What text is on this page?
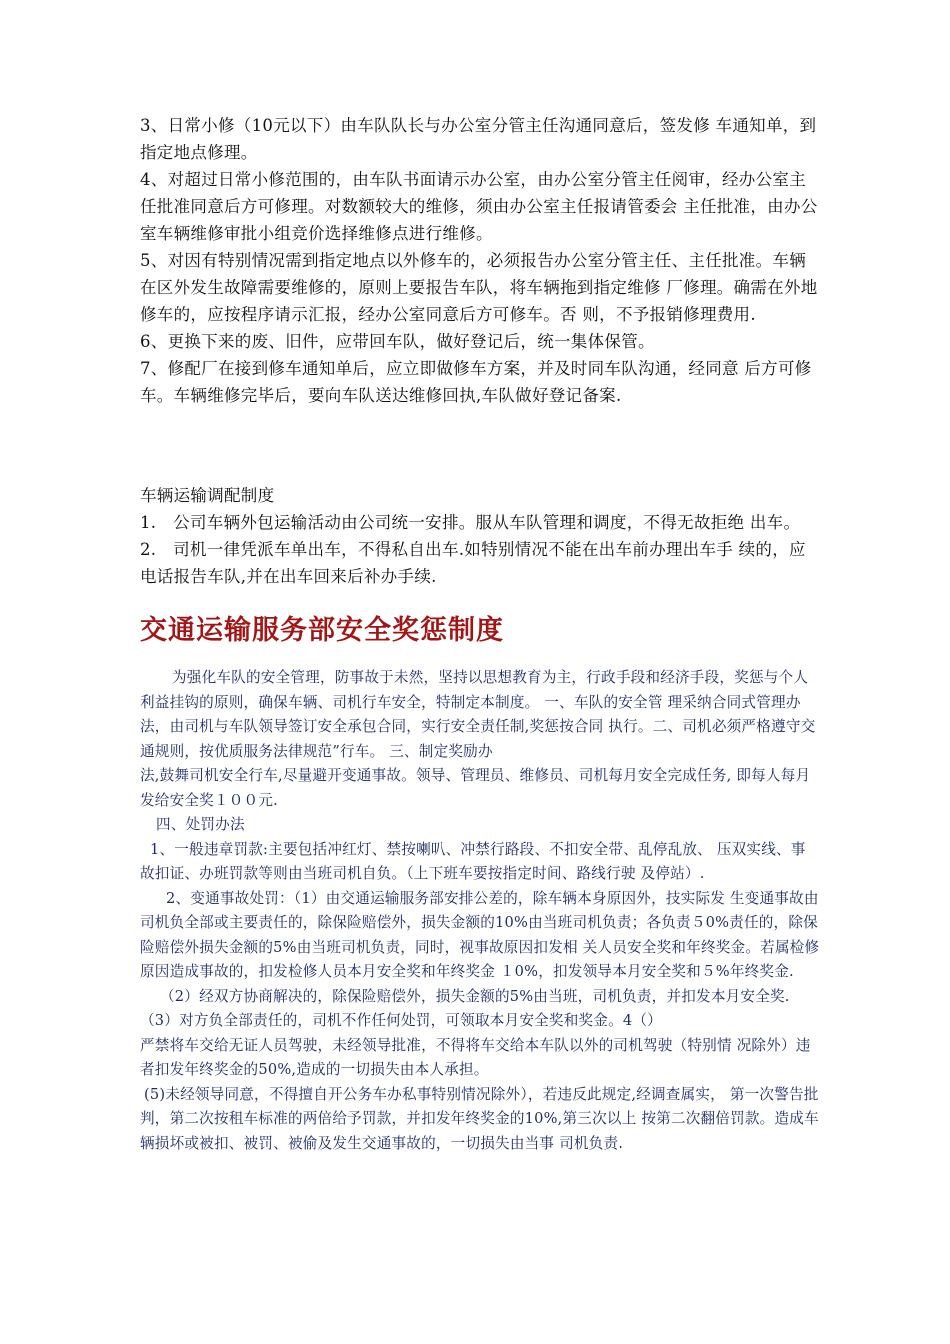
3、日常小修（10元以下）由车队队长与办公室分管主任沟通同意后，签发修 车通知单，到指定地点修理。

4、对超过日常小修范围的，由车队书面请示办公室，由办公室分管主任阅审，经办公室主任批准同意后方可修理。对数额较大的维修，须由办公室主任报请管委会 主任批准，由办公室车辆维修审批小组竞价选择维修点进行维修。

5、对因有特别情况需到指定地点以外修车的，必须报告办公室分管主任、主任批准。车辆在区外发生故障需要维修的，原则上要报告车队，将车辆拖到指定维修 厂修理。确需在外地修车的，应按程序请示汇报，经办公室同意后方可修车。否 则，不予报销修理费用.

6、更换下来的废、旧件，应带回车队，做好登记后，统一集体保管。

7、修配厂在接到修车通知单后，应立即做修车方案，并及时同车队沟通，经同意 后方可修车。车辆维修完毕后，要向车队送达维修回执,车队做好登记备案.

车辆运输调配制度

1.　公司车辆外包运输活动由公司统一安排。服从车队管理和调度，不得无故拒绝 出车。

2.　司机一律凭派车单出车，不得私自出车.如特别情况不能在出车前办理出车手 续的，应电话报告车队,并在出车回来后补办手续.

交通运输服务部安全奖惩制度

为强化车队的安全管理，防事故于未然，坚持以思想教育为主，行政手段和经济手段，奖惩与个人利益挂钩的原则，确保车辆、司机行车安全，特制定本制度。 一、车队的安全管 理采纳合同式管理办法，由司机与车队领导签订安全承包合同，实行安全责任制,奖惩按合同 执行。二、司机必须严格遵守交通规则，按优质服务法律规范”行车。 三、制定奖励办

法,鼓舞司机安全行车,尽量避开变通事故。领导、管理员、维修员、司机每月安全完成任务, 即每人每月发给安全奖１００元.

四、处罚办法

1、一般违章罚款:主要包括冲红灯、禁按喇叭、冲禁行路段、不扣安全带、乱停乱放、 压双实线、事故扣证、办班罚款等则由当班司机自负。（上下班车要按指定时间、路线行驶 及停站）.

2、变通事故处罚：（1）由交通运输服务部安排公差的，除车辆本身原因外，技实际发 生变通事故由司机负全部或主要责任的，除保险赔偿外，损失金额的10%由当班司机负责；各负责５0%责任的，除保险赔偿外损失金额的5%由当班司机负责，同时，视事故原因扣发相 关人员安全奖和年终奖金。若属检修原因造成事故的，扣发检修人员本月安全奖和年终奖金 １0%，扣发领导本月安全奖和５%年终奖金.

（2）经双方协商解决的，除保险赔偿外，损失金额的5%由当班，司机负责，并扣发本月安全奖.（3）对方负全部责任的，司机不作任何处罚，可领取本月安全奖和奖金。4（）

严禁将车交给无证人员驾驶，未经领导批准，不得将车交给本车队以外的司机驾驶（特别情 况除外）违者扣发年终奖金的50%,造成的一切损失由本人承担。

(5)未经领导同意，不得擅自开公务车办私事特别情况除外），若违反此规定,经调查属实， 第一次警告批判，第二次按租车标准的两倍给予罚款，并扣发年终奖金的10%,第三次以上 按第二次翻倍罚款。造成车辆损坏或被扣、被罚、被偷及发生交通事故的，一切损失由当事 司机负责.
